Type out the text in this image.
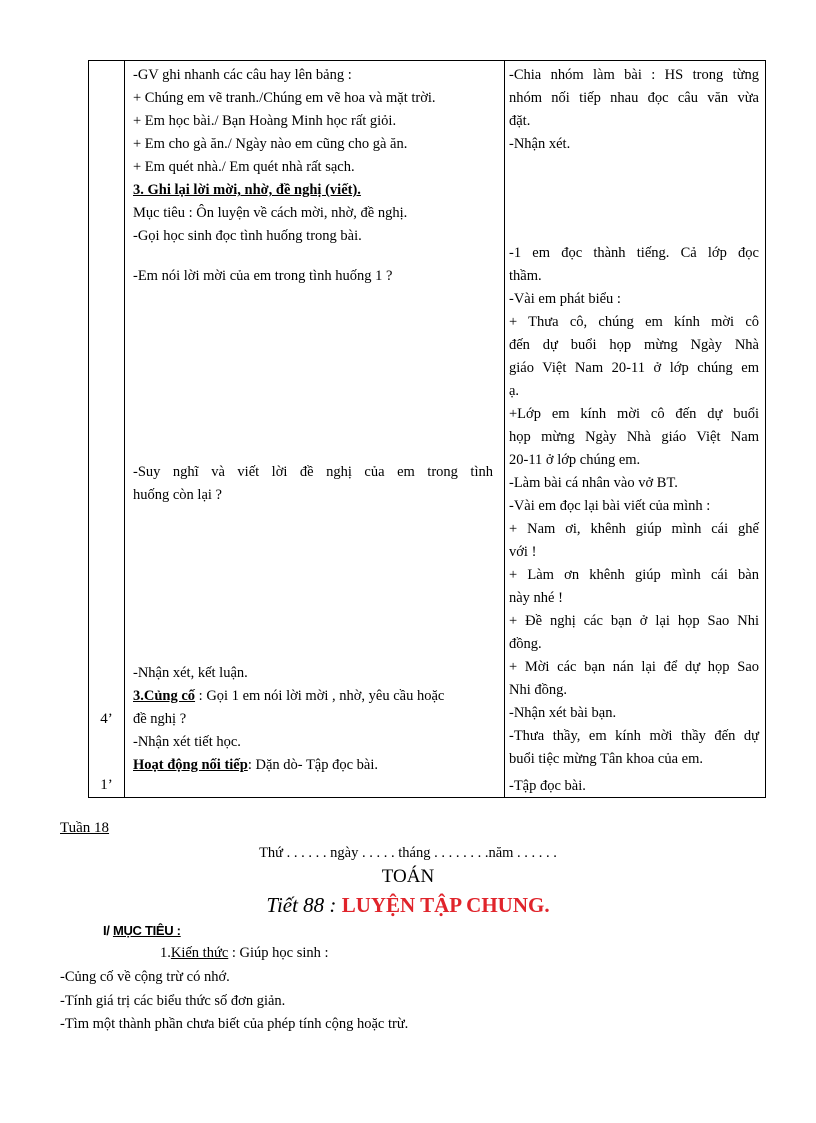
4’
1’
-GV ghi nhanh các câu hay lên bảng :
+ Chúng em vẽ tranh./Chúng em vẽ hoa và mặt trời.
+ Em học bài./ Bạn Hoàng Minh học rất giỏi.
+ Em cho gà ăn./ Ngày nào em cũng cho gà ăn.
+ Em quét nhà./ Em quét nhà rất sạch.
3. Ghi lại lời mời, nhờ, đề nghị (viết).
Mục tiêu : Ôn luyện về cách mời, nhờ, đề nghị.
-Gọi học sinh đọc tình huống trong bài.
-Em nói lời mời của em trong tình huống 1 ?
-Suy nghĩ và viết lời đề nghị của em trong tình
huống còn lại ?
-Nhận xét, kết luận.
3.Củng cố : Gọi 1 em nói lời mời , nhờ, yêu cầu hoặc
đề nghị ?
-Nhận xét tiết học.
Hoạt động nối tiếp: Dặn dò- Tập đọc bài.
-Chia nhóm làm bài : HS trong từng
nhóm nối tiếp nhau đọc câu văn vừa
đặt.
-Nhận xét.
-1 em đọc thành tiếng. Cả lớp đọc
thầm.
-Vài em phát biểu :
+ Thưa cô, chúng em kính mời cô
đến dự buổi họp mừng Ngày Nhà
giáo Việt Nam 20-11 ở lớp chúng em
ạ.
+Lớp em kính mời cô đến dự buổi
họp mừng Ngày Nhà giáo Việt Nam
20-11 ở lớp chúng em.
-Làm bài cá nhân vào vở BT.
-Vài em đọc lại bài viết của mình :
+ Nam ơi, khênh giúp mình cái ghế
với !
+ Làm ơn khênh giúp mình cái bàn
này nhé !
+ Đề nghị các bạn ở lại họp Sao Nhi
đồng.
+ Mời các bạn nán lại để dự họp Sao
Nhi đồng.
-Nhận xét bài bạn.
-Thưa thầy, em kính mời thầy đến dự
buổi tiệc mừng Tân khoa của em.
-Tập đọc bài.
Tuần 18
Thứ . . . . . . ngày . . . . . tháng . . . . . . . .năm . . . . . .
TOÁN
Tiết 88 : LUYỆN TẬP CHUNG.
I/ MỤC TIÊU :
1.Kiến thức : Giúp học sinh :
-Củng cố về cộng trừ có nhớ.
-Tính giá trị các biểu thức số đơn giản.
-Tìm một thành phần chưa biết của phép tính cộng hoặc trừ.
